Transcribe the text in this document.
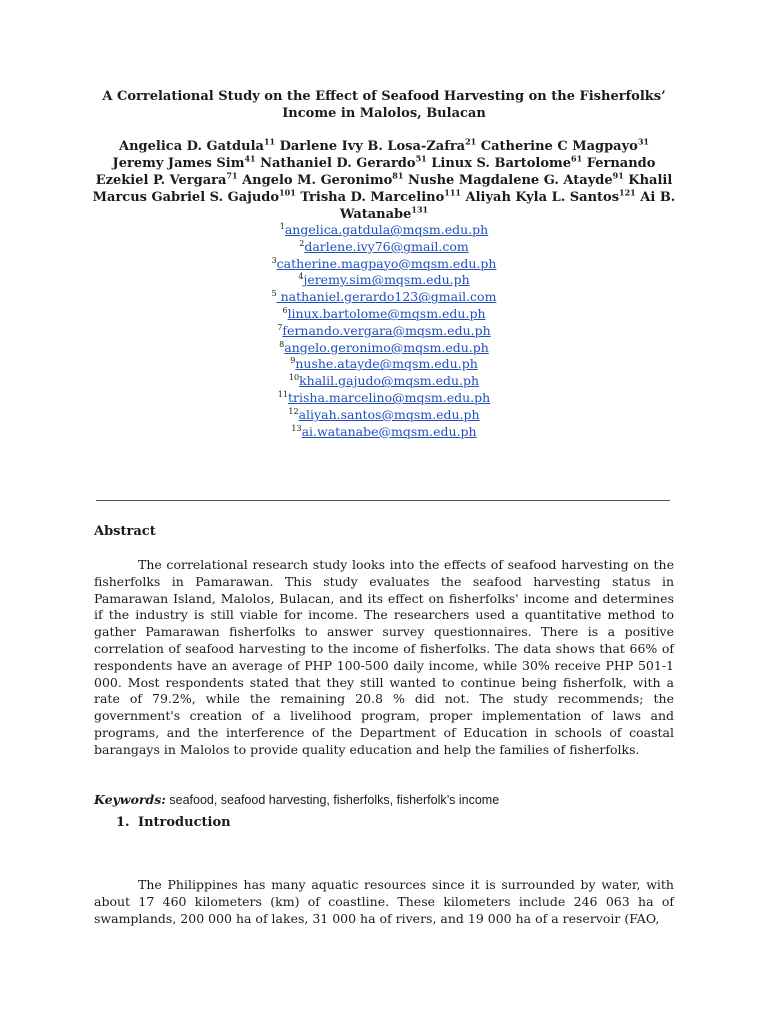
A Correlational Study on the Effect of Seafood Harvesting on the Fisherfolks’ Income in Malolos, Bulacan
Angelica D. Gatdula$^{11}$ Darlene Ivy B. Losa-Zafra$^{21}$ Catherine C Magpayo$^{31}$ Jeremy James Sim$^{41}$ Nathaniel D. Gerardo$^{51}$ Linux S. Bartolome$^{61}$ Fernando Ezekiel P. Vergara$^{71}$ Angelo M. Geronimo$^{81}$ Nushe Magdalene G. Atayde$^{91}$ Khalil Marcus Gabriel S. Gajudo$^{101}$ Trisha D. Marcelino$^{111}$ Aliyah Kyla L. Santos$^{121}$ Ai B. Watanabe$^{131}$
$^1$angelica.gatdula@mqsm.edu.ph
$^2$darlene.ivy76@gmail.com
$^3$catherine.magpayo@mqsm.edu.ph
$^4$jeremy.sim@mqsm.edu.ph
$^5$ nathaniel.gerardo123@gmail.com
$^6$linux.bartolome@mqsm.edu.ph
$^7$fernando.vergara@mqsm.edu.ph
$^8$angelo.geronimo@mqsm.edu.ph
$^9$nushe.atayde@mqsm.edu.ph
$^{10}$khalil.gajudo@mqsm.edu.ph
$^{11}$trisha.marcelino@mqsm.edu.ph
$^{12}$aliyah.santos@mqsm.edu.ph
$^{13}$ai.watanabe@mqsm.edu.ph
Abstract
The correlational research study looks into the effects of seafood harvesting on the fisherfolks in Pamarawan. This study evaluates the seafood harvesting status in Pamarawan Island, Malolos, Bulacan, and its effect on fisherfolks' income and determines if the industry is still viable for income. The researchers used a quantitative method to gather Pamarawan fisherfolks to answer survey questionnaires. There is a positive correlation of seafood harvesting to the income of fisherfolks. The data shows that 66% of respondents have an average of PHP 100-500 daily income, while 30% receive PHP 501-1 000. Most respondents stated that they still wanted to continue being fisherfolk, with a rate of 79.2%, while the remaining 20.8 % did not. The study recommends; the government's creation of a livelihood program, proper implementation of laws and programs, and the interference of the Department of Education in schools of coastal barangays in Malolos to provide quality education and help the families of fisherfolks.
Keywords: seafood, seafood harvesting, fisherfolks, fisherfolk’s income
1. Introduction
The Philippines has many aquatic resources since it is surrounded by water, with about 17 460 kilometers (km) of coastline. These kilometers include 246 063 ha of swamplands, 200 000 ha of lakes, 31 000 ha of rivers, and 19 000 ha of a reservoir (FAO,
